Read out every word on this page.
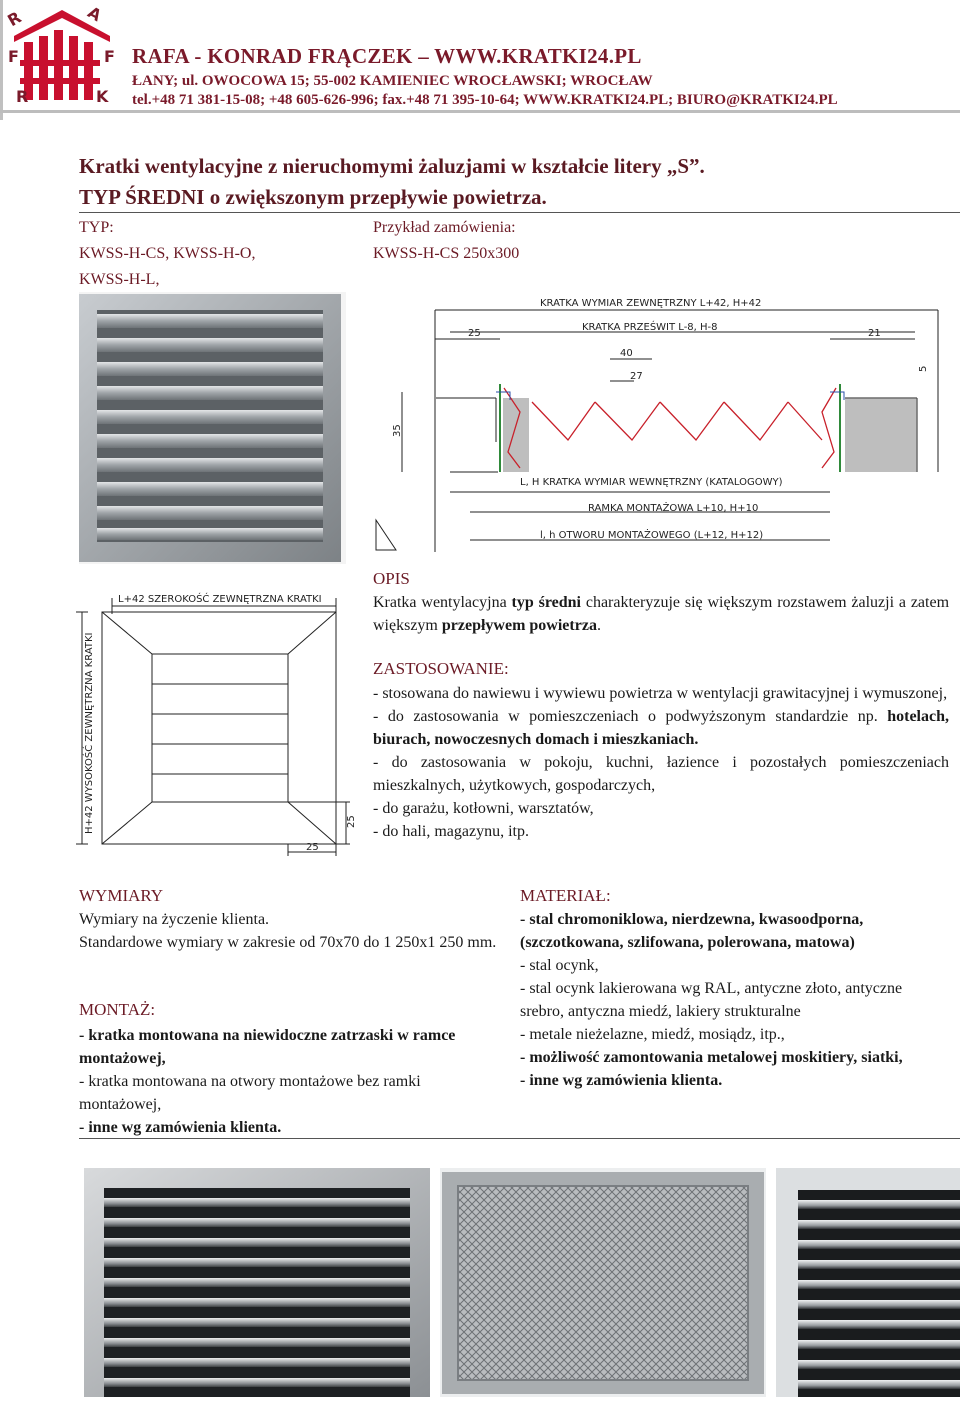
R	A
F	F
R	K
RAFA - KONRAD FRĄCZEK – WWW.KRATKI24.PL
ŁANY; ul. OWOCOWA 15; 55-002 KAMIENIEC WROCŁAWSKI; WROCŁAW
tel.+48 71 381-15-08; +48 605-626-996; fax.+48 71 395-10-64; WWW.KRATKI24.PL; BIURO@KRATKI24.PL
Kratki wentylacyjne z nieruchomymi żaluzjami w kształcie litery „S”.
TYP ŚREDNI o zwiększonym przepływie powietrza.
TYP:
KWSS-H-CS, KWSS-H-O,
KWSS-H-L,
Przykład zamówienia:
KWSS-H-CS 250x300
KRATKA WYMIAR ZEWNĘTRZNY L+42, H+42
KRATKA PRZEŚWIT L-8, H-8
25	21
40
27
5
35
L, H KRATKA WYMIAR WEWNĘTRZNY (KATALOGOWY)
RAMKA MONTAŻOWA L+10, H+10
l, h OTWORU MONTAŻOWEGO (L+12, H+12)
L+42 SZEROKOŚĆ ZEWNĘTRZNA KRATKI
H+42 WYSOKOŚĆ ZEWNĘTRZNA KRATKI	25
25
OPIS
Kratka wentylacyjna typ średni charakteryzuje się większym rozstawem żaluzji a zatem większym przepływem powietrza.
ZASTOSOWANIE:
- stosowana do nawiewu i wywiewu powietrza w wentylacji grawitacyjnej i wymuszonej,
- do zastosowania w pomieszczeniach o podwyższonym standardzie np. hotelach, biurach, nowoczesnych domach i mieszkaniach.
- do zastosowania w pokoju, kuchni, łazience i pozostałych pomieszczeniach mieszkalnych, użytkowych, gospodarczych,
- do garażu, kotłowni, warsztatów,
- do hali, magazynu, itp.
WYMIARY
Wymiary na życzenie klienta.
Standardowe wymiary w zakresie od 70x70 do 1 250x1 250 mm.
MONTAŻ:
- kratka montowana na niewidoczne zatrzaski w ramce montażowej,
- kratka montowana na otwory montażowe bez ramki montażowej,
- inne wg zamówienia klienta.
MATERIAŁ:
- stal chromoniklowa, nierdzewna, kwasoodporna, (szczotkowana, szlifowana, polerowana, matowa)
- stal ocynk,
- stal ocynk lakierowana wg RAL, antyczne złoto, antyczne srebro, antyczna miedź, lakiery strukturalne
- metale nieżelazne, miedź, mosiądz, itp.,
- możliwość zamontowania metalowej moskitiery, siatki,
- inne wg zamówienia klienta.
